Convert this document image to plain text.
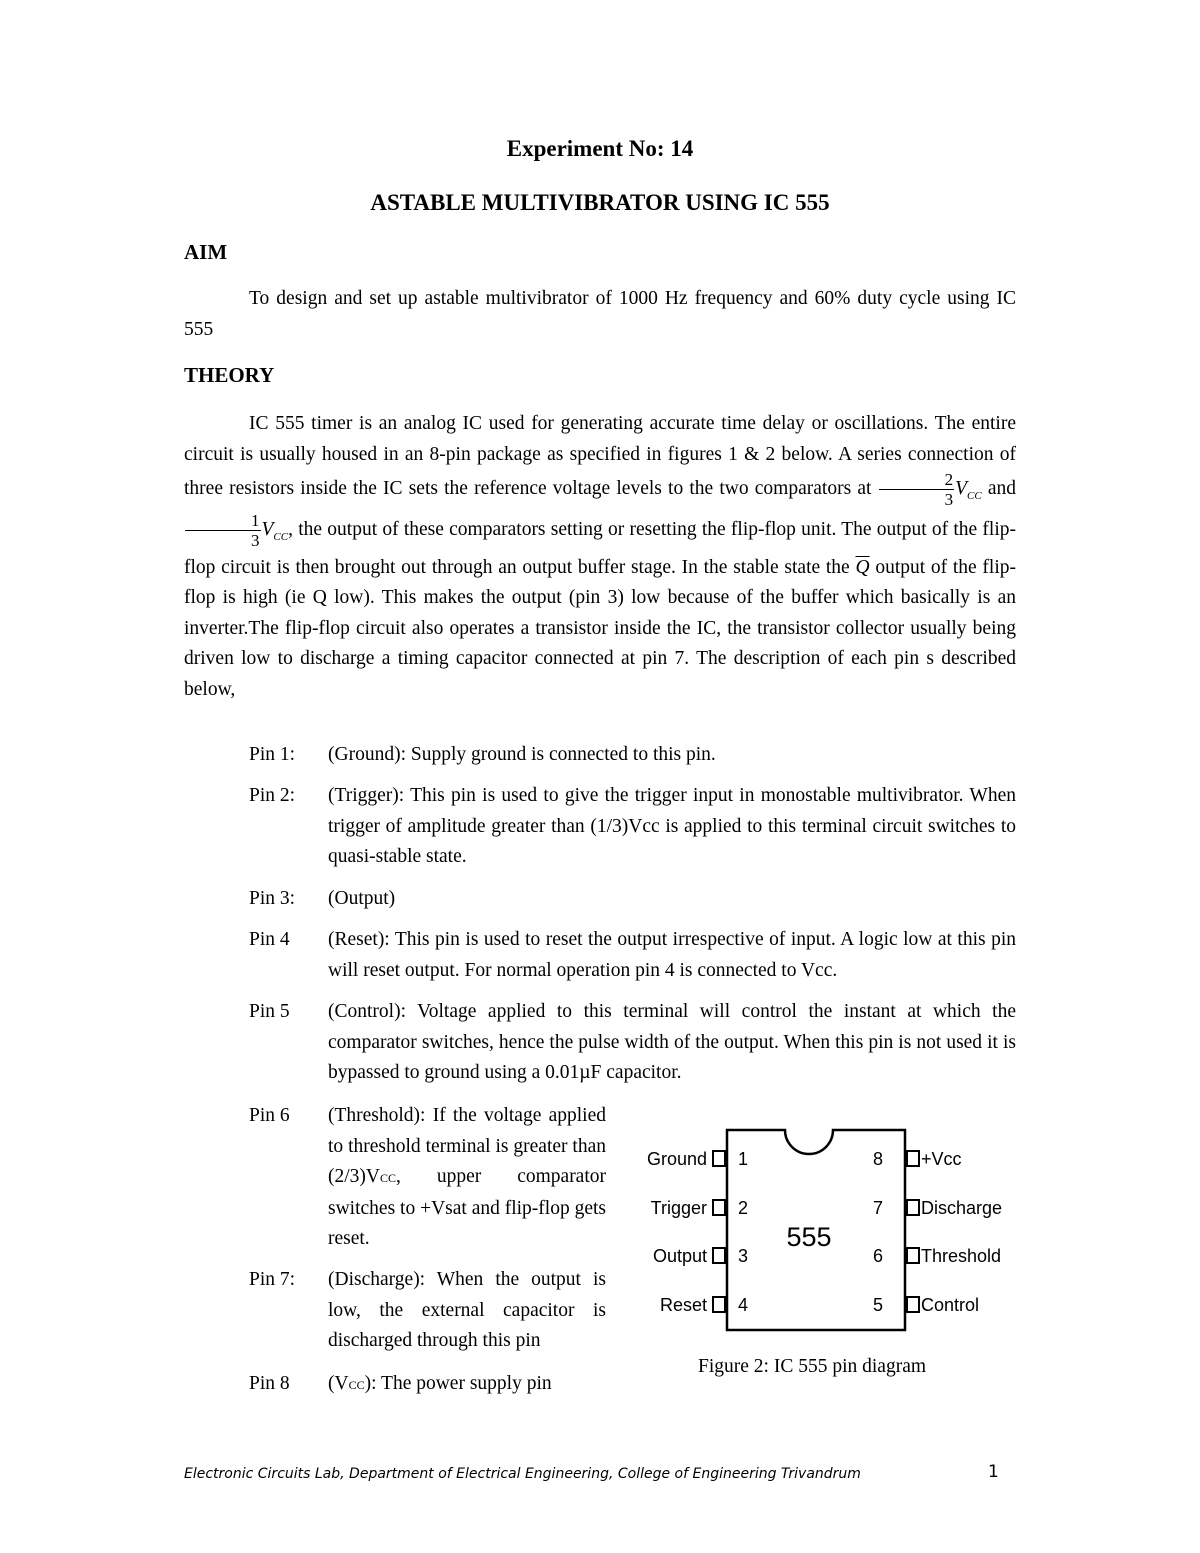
Experiment No: 14
ASTABLE MULTIVIBRATOR USING IC 555
AIM
To design and set up astable multivibrator of 1000 Hz frequency and 60% duty cycle using IC 555
THEORY
IC 555 timer is an analog IC used for generating accurate time delay or oscillations. The entire circuit is usually housed in an 8-pin package as specified in figures 1 & 2 below. A series connection of three resistors inside the IC sets the reference voltage levels to the two comparators at $\frac{2}{3} V_{CC}$ and
$\frac{1}{3} V_{CC}$, the output of these comparators setting or resetting the flip-flop unit. The output of the flip-flop circuit is then brought out through an output buffer stage. In the stable state the $\overline{Q}$ output of the flip-flop is high (ie Q low). This makes the output (pin 3) low because of the buffer which basically is an inverter.The flip-flop circuit also operates a transistor inside the IC, the transistor collector usually being driven low to discharge a timing capacitor connected at pin 7. The description of each pin s described below,
Pin 1: (Ground): Supply ground is connected to this pin.
Pin 2: (Trigger): This pin is used to give the trigger input in monostable multivibrator. When trigger of amplitude greater than (1/3)Vcc is applied to this terminal circuit switches to quasi-stable state.
Pin 3: (Output)
Pin 4 (Reset): This pin is used to reset the output irrespective of input. A logic low at this pin will reset output. For normal operation pin 4 is connected to Vcc.
Pin 5 (Control): Voltage applied to this terminal will control the instant at which the comparator switches, hence the pulse width of the output. When this pin is not used it is bypassed to ground using a 0.01µF capacitor.
Pin 6 (Threshold): If the voltage applied to threshold terminal is greater than (2/3)VCC, upper comparator switches to +Vsat and flip-flop gets reset.
Pin 7: (Discharge): When the output is low, the external capacitor is discharged through this pin
Pin 8 (VCC): The power supply pin
555
Ground
Trigger
Output
Reset
1
2
3
4
8
7
6
5
+Vcc
Discharge
Threshold
Control
Figure 2: IC 555 pin diagram
Electronic Circuits Lab, Department of Electrical Engineering, College of Engineering Trivandrum	1
